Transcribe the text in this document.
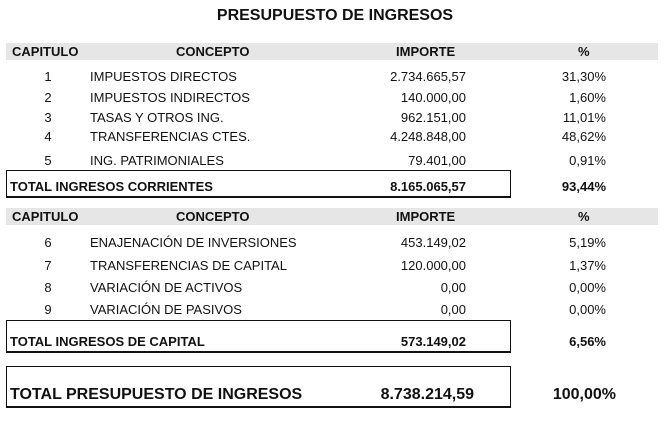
PRESUPUESTO DE INGRESOS
CAPITULO	CONCEPTO	IMPORTE	%
1	IMPUESTOS DIRECTOS	2.734.665,57	31,30%
2	IMPUESTOS INDIRECTOS	140.000,00	1,60%
3	TASAS Y OTROS ING.	962.151,00	11,01%
4	TRANSFERENCIAS CTES.	4.248.848,00	48,62%
5	ING. PATRIMONIALES	79.401,00	0,91%
TOTAL INGRESOS CORRIENTES	8.165.065,57	93,44%
CAPITULO	CONCEPTO	IMPORTE	%
6	ENAJENACIÓN DE INVERSIONES	453.149,02	5,19%
7	TRANSFERENCIAS DE CAPITAL	120.000,00	1,37%
8	VARIACIÓN DE ACTIVOS	0,00	0,00%
9	VARIACIÓN DE PASIVOS	0,00	0,00%
TOTAL INGRESOS DE CAPITAL	573.149,02	6,56%
TOTAL PRESUPUESTO DE INGRESOS	8.738.214,59	100,00%
